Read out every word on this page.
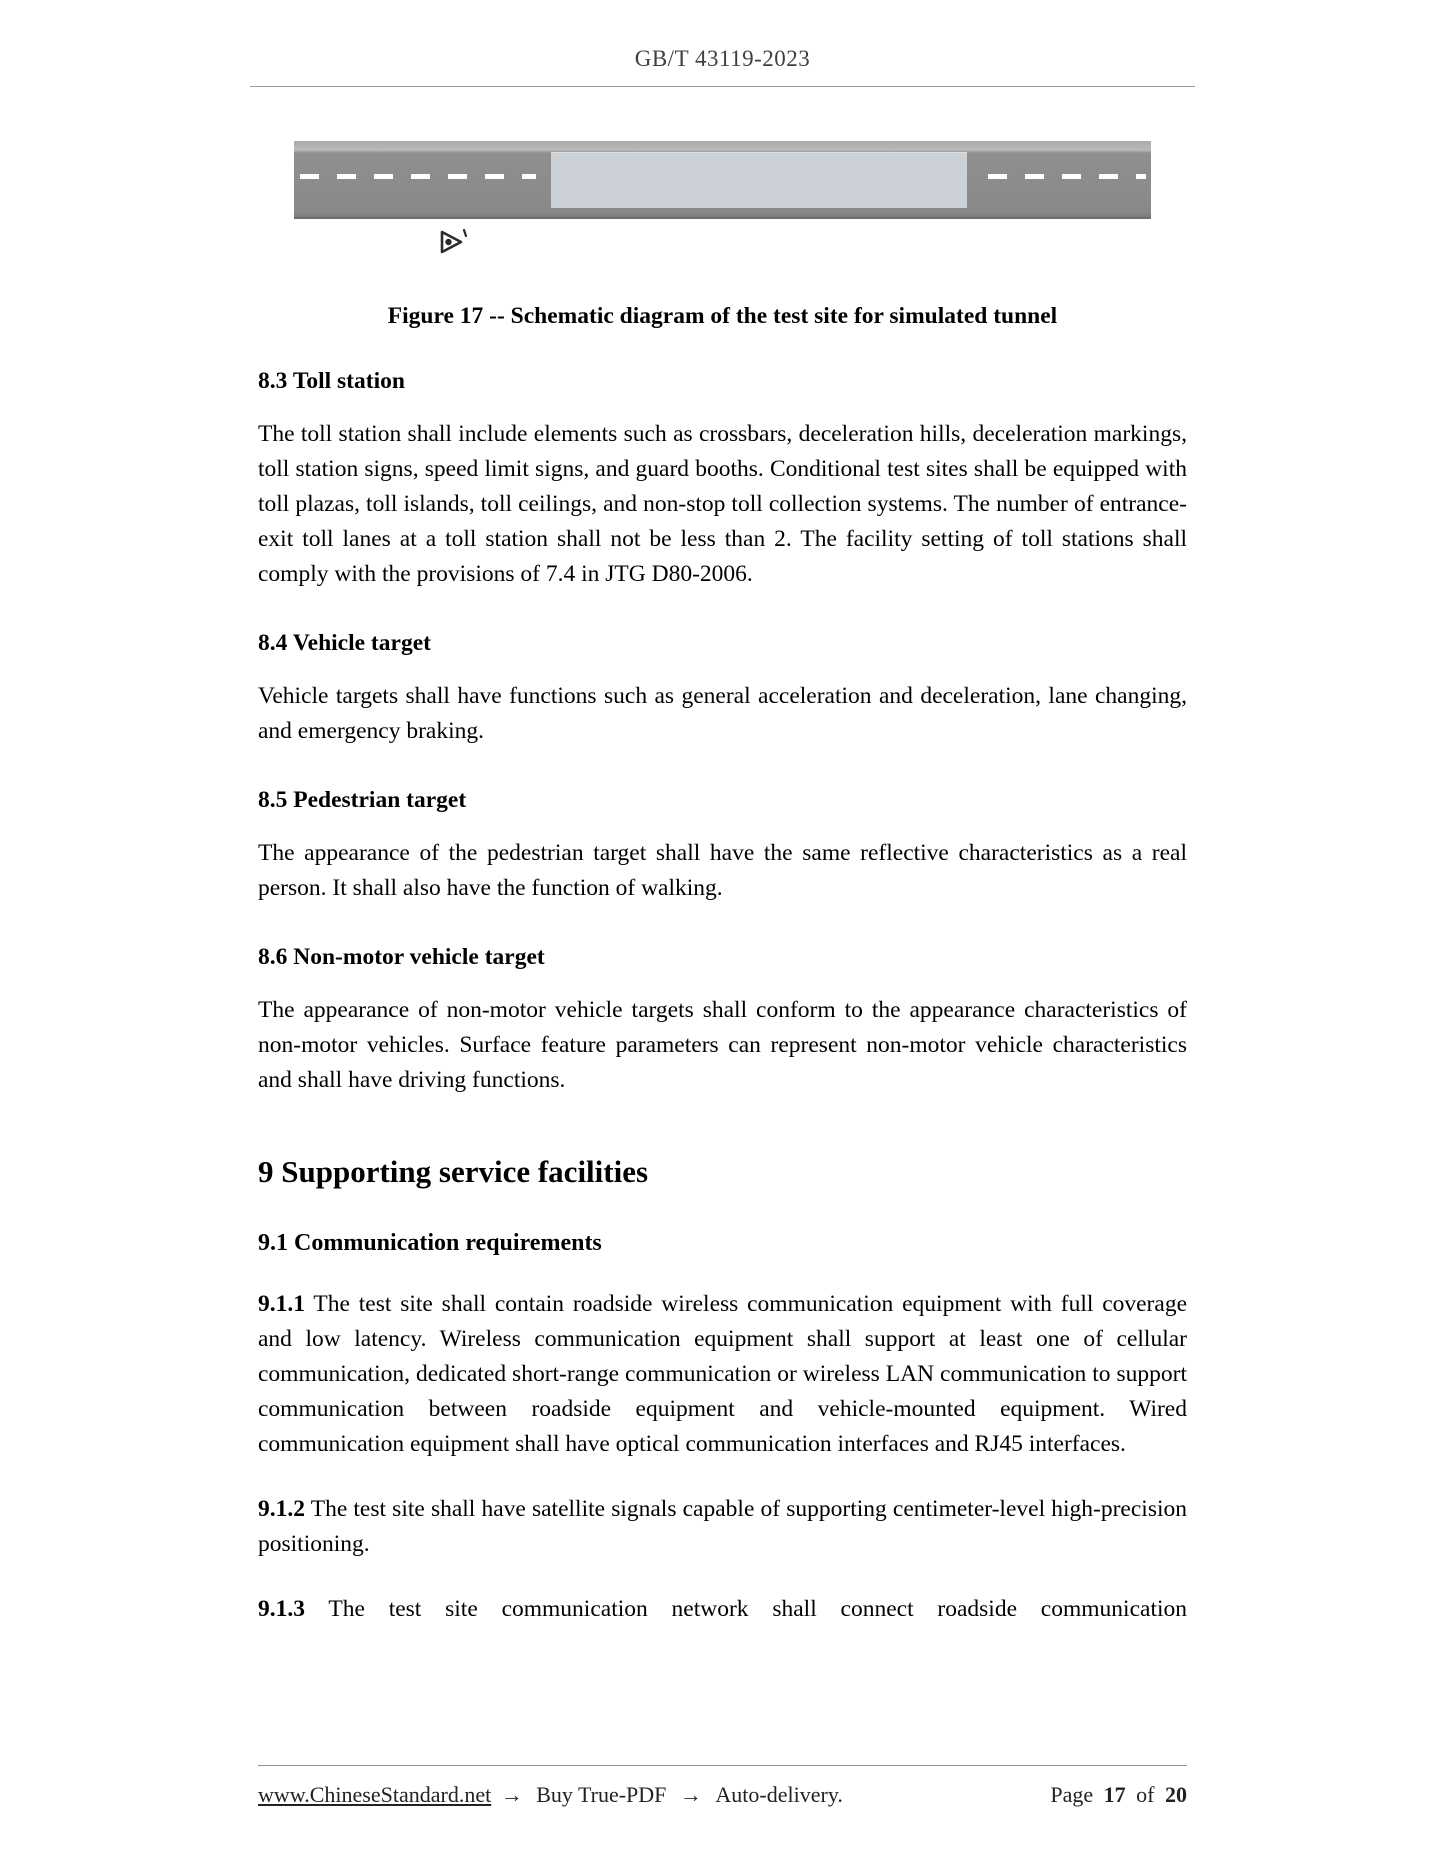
GB/T 43119-2023
Figure 17 -- Schematic diagram of the test site for simulated tunnel
8.3 Toll station

The toll station shall include elements such as crossbars, deceleration hills, deceleration markings, toll station signs, speed limit signs, and guard booths. Conditional test sites shall be equipped with toll plazas, toll islands, toll ceilings, and non-stop toll collection systems. The number of entrance-exit toll lanes at a toll station shall not be less than 2. The facility setting of toll stations shall comply with the provisions of 7.4 in JTG D80-2006.

8.4 Vehicle target

Vehicle targets shall have functions such as general acceleration and deceleration, lane changing, and emergency braking.

8.5 Pedestrian target

The appearance of the pedestrian target shall have the same reflective characteristics as a real person. It shall also have the function of walking.

8.6 Non-motor vehicle target

The appearance of non-motor vehicle targets shall conform to the appearance characteristics of non-motor vehicles. Surface feature parameters can represent non-motor vehicle characteristics and shall have driving functions.

9 Supporting service facilities
9.1 Communication requirements

9.1.1 The test site shall contain roadside wireless communication equipment with full coverage and low latency. Wireless communication equipment shall support at least one of cellular communication, dedicated short-range communication or wireless LAN communication to support communication between roadside equipment and vehicle-mounted equipment. Wired communication equipment shall have optical communication interfaces and RJ45 interfaces.

9.1.2 The test site shall have satellite signals capable of supporting centimeter-level high-precision positioning.

9.1.3 The test site communication network shall connect roadside communication

www.ChineseStandard.net → Buy True-PDF → Auto-delivery.	Page 17 of 20
